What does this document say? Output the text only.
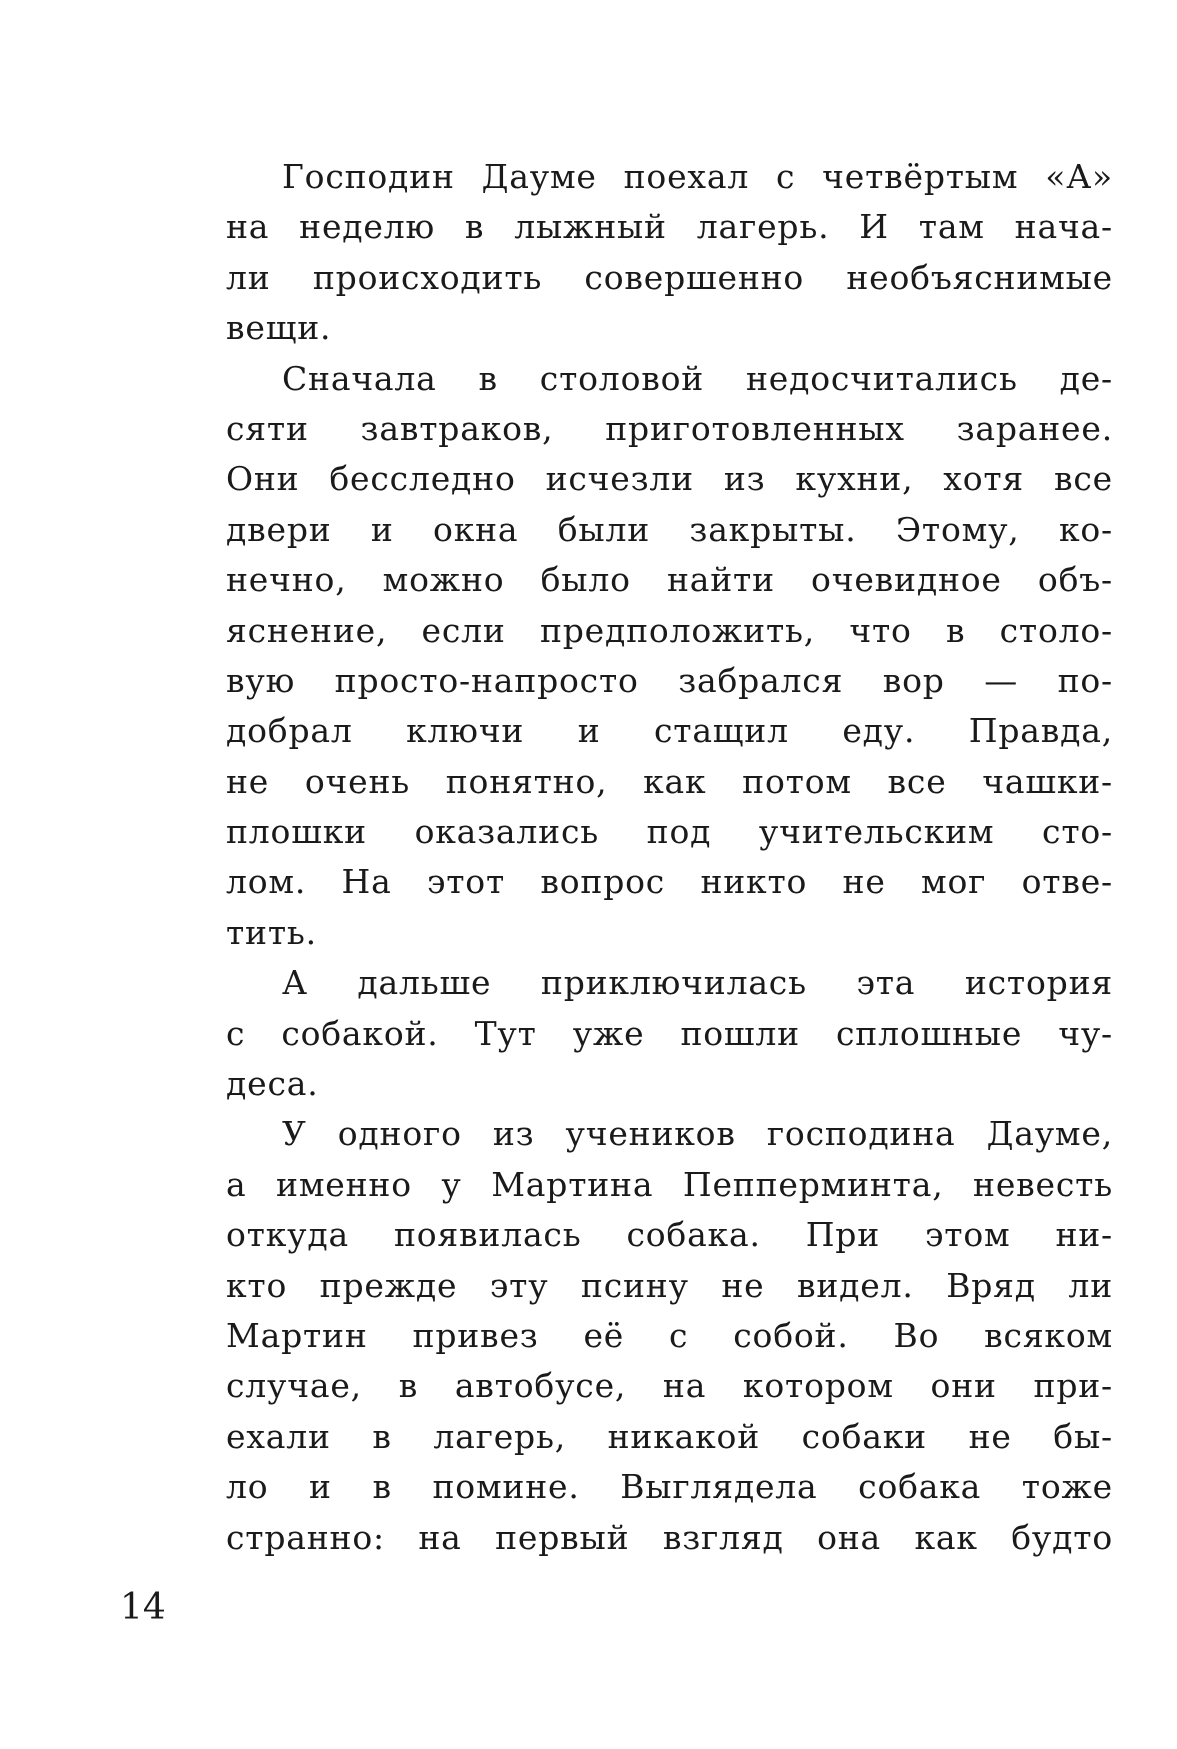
Господин Дауме поехал с четвёртым «А»
на неделю в лыжный лагерь. И там нача-
ли происходить совершенно необъяснимые
вещи.
Сначала в столовой недосчитались де-
сяти завтраков, приготовленных заранее.
Они бесследно исчезли из кухни, хотя все
двери и окна были закрыты. Этому, ко-
нечно, можно было найти очевидное объ-
яснение, если предположить, что в столо-
вую просто-напросто забрался вор — по-
добрал ключи и стащил еду. Правда,
не очень понятно, как потом все чашки-
плошки оказались под учительским сто-
лом. На этот вопрос никто не мог отве-
тить.
А дальше приключилась эта история
с собакой. Тут уже пошли сплошные чу-
деса.
У одного из учеников господина Дауме,
а именно у Мартина Пепперминта, невесть
откуда появилась собака. При этом ни-
кто прежде эту псину не видел. Вряд ли
Мартин привез её с собой. Во всяком
случае, в автобусе, на котором они при-
ехали в лагерь, никакой собаки не бы-
ло и в помине. Выглядела собака тоже
странно: на первый взгляд она как будто
14
